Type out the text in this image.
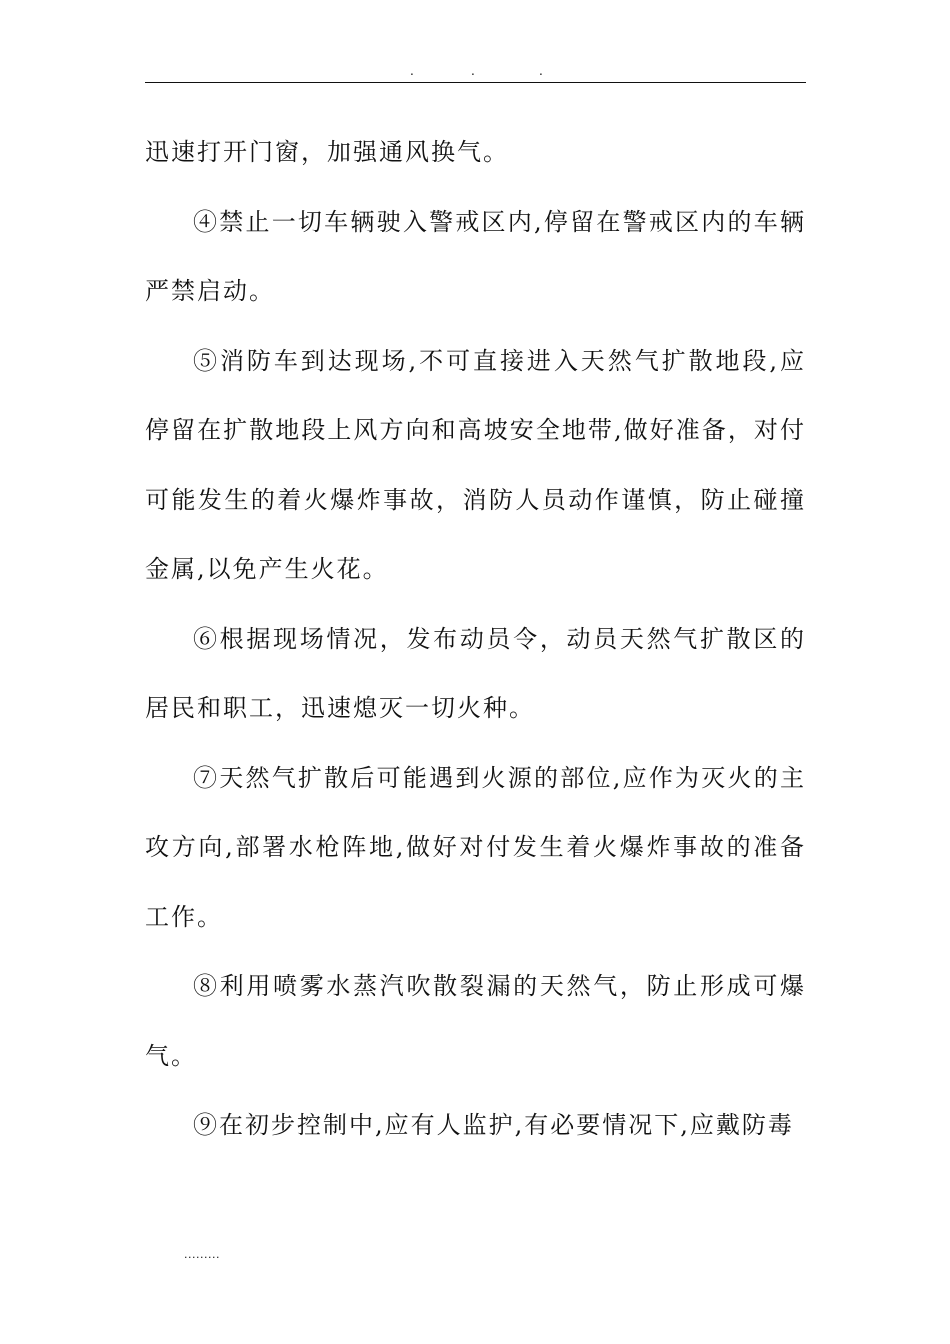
.	.	.

迅速打开门窗，加强通风换气。

④禁止一切车辆驶入警戒区内,停留在警戒区内的车辆严禁启动。

⑤消防车到达现场,不可直接进入天然气扩散地段,应停留在扩散地段上风方向和高坡安全地带,做好准备，对付可能发生的着火爆炸事故，消防人员动作谨慎，防止碰撞金属,以免产生火花。

⑥根据现场情况，发布动员令，动员天然气扩散区的居民和职工，迅速熄灭一切火种。

⑦天然气扩散后可能遇到火源的部位,应作为灭火的主攻方向,部署水枪阵地,做好对付发生着火爆炸事故的准备工作。

⑧利用喷雾水蒸汽吹散裂漏的天然气，防止形成可爆气。

⑨在初步控制中,应有人监护,有必要情况下,应戴防毒

.........
